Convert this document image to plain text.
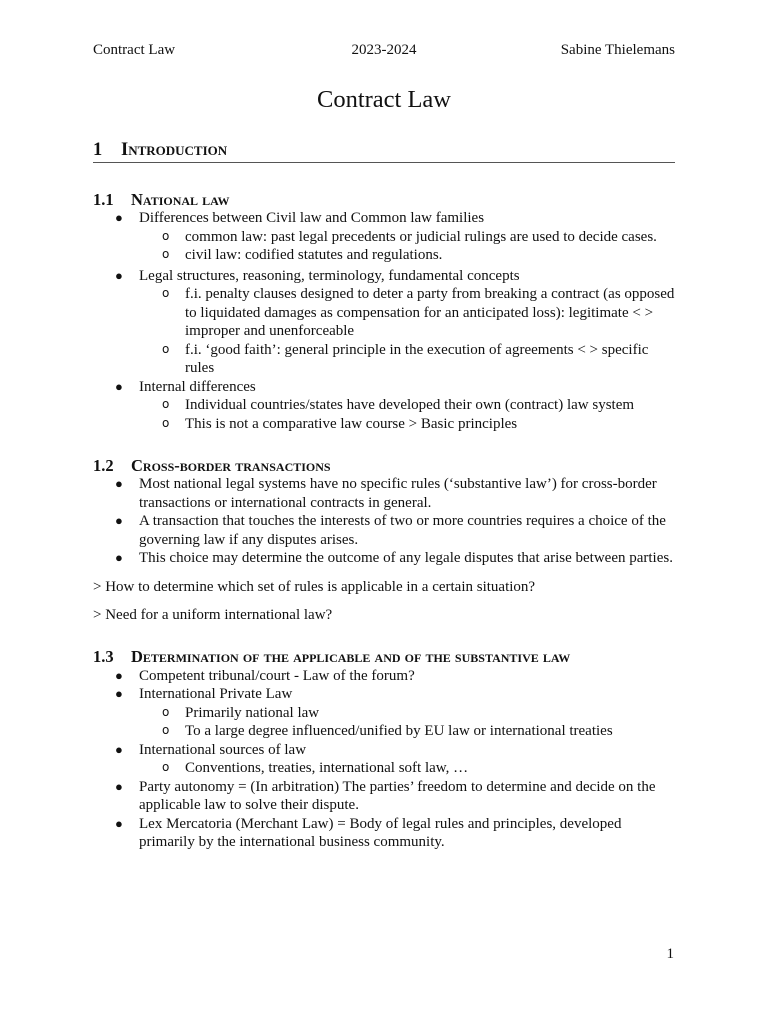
Contract Law	2023-2024	Sabine Thielemans
Contract Law
1 Introduction
1.1 National law
● Differences between Civil law and Common law families
o common law: past legal precedents or judicial rulings are used to decide cases.
o civil law: codified statutes and regulations.
● Legal structures, reasoning, terminology, fundamental concepts
o f.i. penalty clauses designed to deter a party from breaking a contract (as opposed to liquidated damages as compensation for an anticipated loss): legitimate < > improper and unenforceable
o f.i. ‘good faith’: general principle in the execution of agreements < > specific rules
● Internal differences
o Individual countries/states have developed their own (contract) law system
o This is not a comparative law course > Basic principles
1.2 Cross-border transactions
● Most national legal systems have no specific rules (‘substantive law’) for cross-border transactions or international contracts in general.
● A transaction that touches the interests of two or more countries requires a choice of the governing law if any disputes arises.
● This choice may determine the outcome of any legale disputes that arise between parties.

> How to determine which set of rules is applicable in a certain situation?

> Need for a uniform international law?

1.3 Determination of the applicable and of the substantive law
● Competent tribunal/court - Law of the forum?
● International Private Law
o Primarily national law
o To a large degree influenced/unified by EU law or international treaties
● International sources of law
o Conventions, treaties, international soft law, …
● Party autonomy = (In arbitration) The parties’ freedom to determine and decide on the applicable law to solve their dispute.
● Lex Mercatoria (Merchant Law) = Body of legal rules and principles, developed primarily by the international business community.
1
